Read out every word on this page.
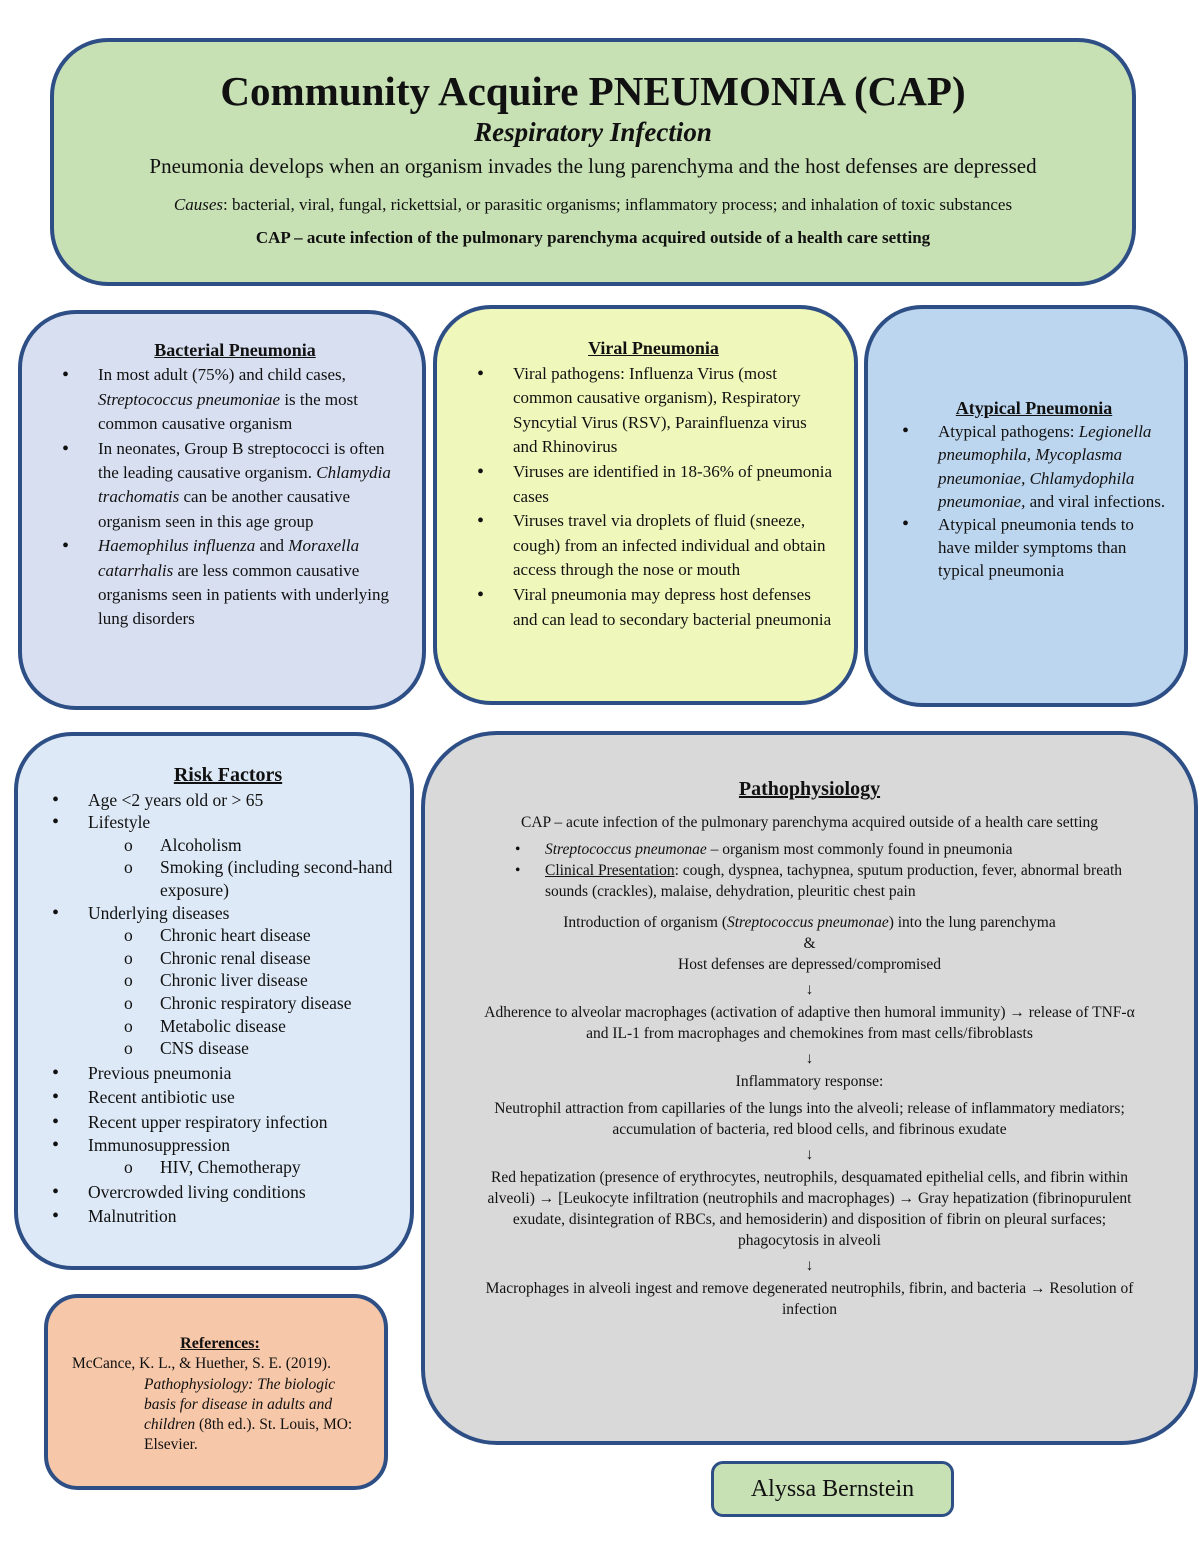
Community Acquire PNEUMONIA (CAP)
Respiratory Infection
Pneumonia develops when an organism invades the lung parenchyma and the host defenses are depressed
Causes: bacterial, viral, fungal, rickettsial, or parasitic organisms; inflammatory process; and inhalation of toxic substances
CAP – acute infection of the pulmonary parenchyma acquired outside of a health care setting
Bacterial Pneumonia
• In most adult (75%) and child cases, Streptococcus pneumoniae is the most common causative organism
• In neonates, Group B streptococci is often the leading causative organism. Chlamydia trachomatis can be another causative organism seen in this age group
• Haemophilus influenza and Moraxella catarrhalis are less common causative organisms seen in patients with underlying lung disorders
Viral Pneumonia
• Viral pathogens: Influenza Virus (most common causative organism), Respiratory Syncytial Virus (RSV), Parainfluenza virus and Rhinovirus
• Viruses are identified in 18-36% of pneumonia cases
• Viruses travel via droplets of fluid (sneeze, cough) from an infected individual and obtain access through the nose or mouth
• Viral pneumonia may depress host defenses and can lead to secondary bacterial pneumonia
Atypical Pneumonia
• Atypical pathogens: Legionella pneumophila, Mycoplasma pneumoniae, Chlamydophila pneumoniae, and viral infections.
• Atypical pneumonia tends to have milder symptoms than typical pneumonia
Risk Factors
• Age <2 years old or > 65
• Lifestyle
o Alcoholism
o Smoking (including second-hand exposure)
• Underlying diseases
o Chronic heart disease
o Chronic renal disease
o Chronic liver disease
o Chronic respiratory disease
o Metabolic disease
o CNS disease
• Previous pneumonia
• Recent antibiotic use
• Recent upper respiratory infection
• Immunosuppression
o HIV, Chemotherapy
• Overcrowded living conditions
• Malnutrition
References:
McCance, K. L., & Huether, S. E. (2019). Pathophysiology: The biologic basis for disease in adults and children (8th ed.). St. Louis, MO: Elsevier.
Pathophysiology

CAP – acute infection of the pulmonary parenchyma acquired outside of a health care setting

• Streptococcus pneumonae – organism most commonly found in pneumonia
• Clinical Presentation: cough, dyspnea, tachypnea, sputum production, fever, abnormal breath sounds (crackles), malaise, dehydration, pleuritic chest pain

Introduction of organism (Streptococcus pneumonae) into the lung parenchyma

&

Host defenses are depressed/compromised

↓

Adherence to alveolar macrophages (activation of adaptive then humoral immunity) → release of TNF-α and IL-1 from macrophages and chemokines from mast cells/fibroblasts

↓

Inflammatory response:

Neutrophil attraction from capillaries of the lungs into the alveoli; release of inflammatory mediators; accumulation of bacteria, red blood cells, and fibrinous exudate

↓

Red hepatization (presence of erythrocytes, neutrophils, desquamated epithelial cells, and fibrin within alveoli) → [Leukocyte infiltration (neutrophils and macrophages) → Gray hepatization (fibrinopurulent exudate, disintegration of RBCs, and hemosiderin) and disposition of fibrin on pleural surfaces; phagocytosis in alveoli

↓

Macrophages in alveoli ingest and remove degenerated neutrophils, fibrin, and bacteria → Resolution of infection

Alyssa Bernstein
